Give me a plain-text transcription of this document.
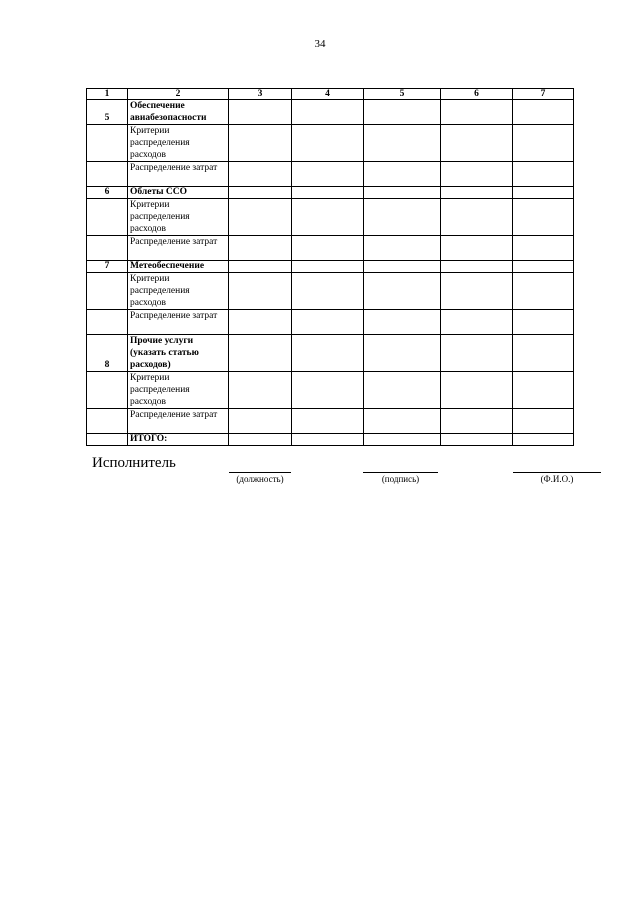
34
1	2	3	4	5	6	7
5	Обеспечение авиабезопасности					
	Критерии распределения расходов					
	Распределение затрат					
6	Облеты ССО					
	Критерии распределения расходов					
	Распределение затрат					
7	Метеобеспечение					
	Критерии распределения расходов					
	Распределение затрат					
8	Прочие услуги (указать статью расходов)					
	Критерии распределения расходов					
	Распределение затрат					
	ИТОГО:					
Исполнитель
(должность)	(подпись)	(Ф.И.О.)
